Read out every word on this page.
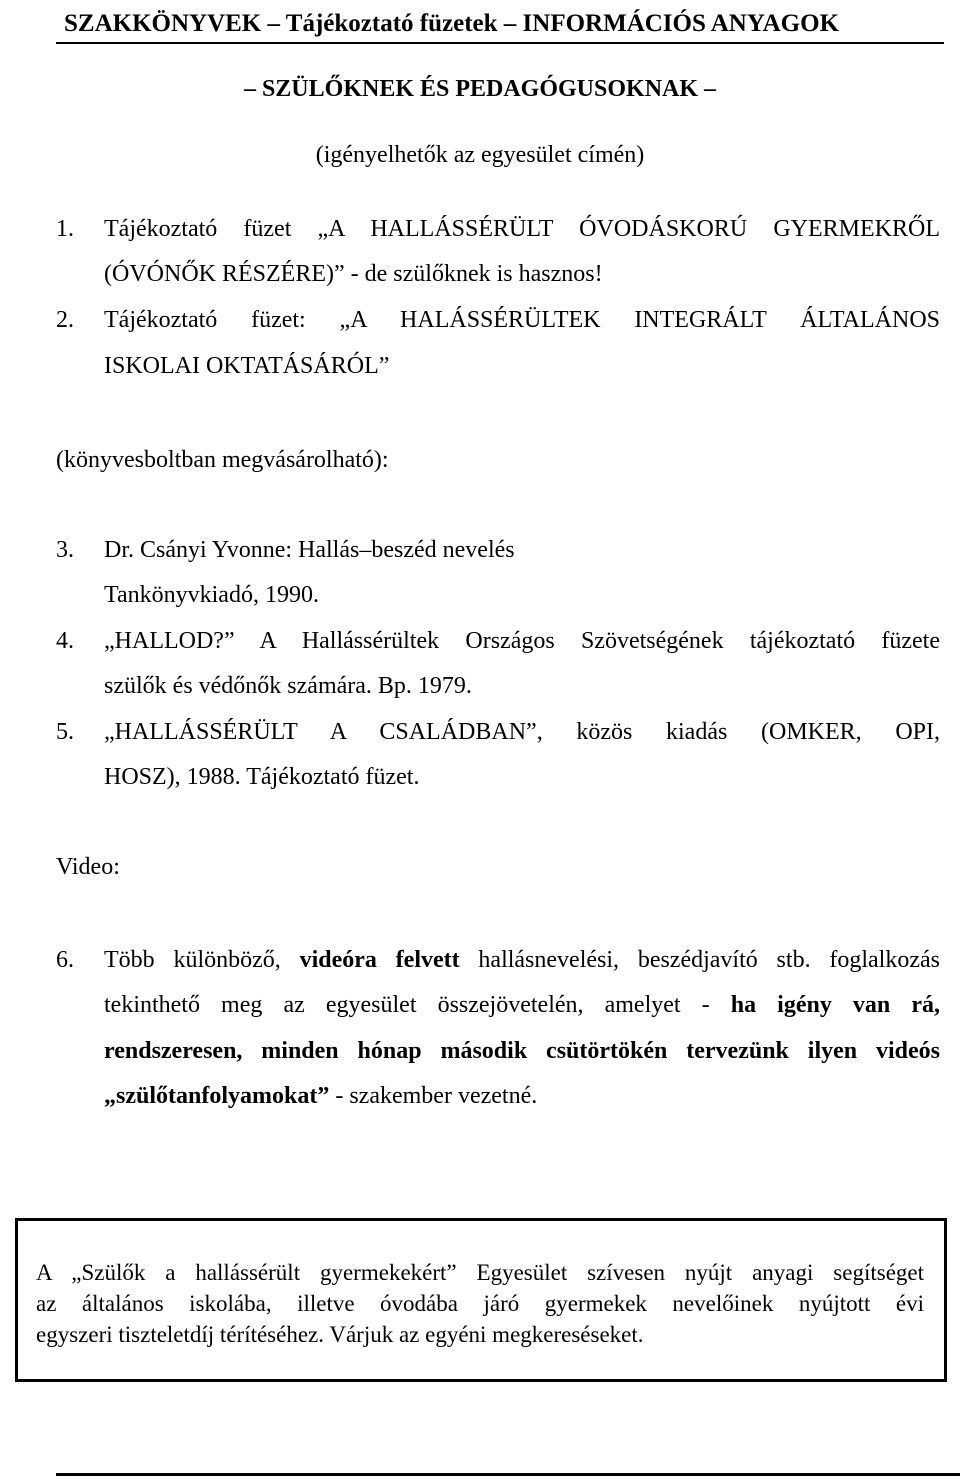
SZAKKÖNYVEK – Tájékoztató füzetek – INFORMÁCIÓS ANYAGOK
– SZÜLŐKNEK ÉS PEDAGÓGUSOKNAK –
(igényelhetők az egyesület címén)
1. Tájékoztató füzet „A HALLÁSSÉRÜLT ÓVODÁSKORÚ GYERMEKRŐL
(ÓVÓNŐK RÉSZÉRE)” - de szülőknek is hasznos!
2. Tájékoztató füzet: „A HALÁSSÉRÜLTEK INTEGRÁLT ÁLTALÁNOS
ISKOLAI OKTATÁSÁRÓL”
(könyvesboltban megvásárolható):
3. Dr. Csányi Yvonne: Hallás–beszéd nevelés
Tankönyvkiadó, 1990.
4. „HALLOD?” A Hallássérültek Országos Szövetségének tájékoztató füzete
szülők és védőnők számára. Bp. 1979.
5. „HALLÁSSÉRÜLT A CSALÁDBAN”, közös kiadás (OMKER, OPI,
HOSZ), 1988. Tájékoztató füzet.
Video:
6. Több különböző, videóra felvett hallásnevelési, beszédjavító stb. foglalkozás
tekinthető meg az egyesület összejövetelén, amelyet - ha igény van rá,
rendszeresen, minden hónap második csütörtökén tervezünk ilyen videós
„szülőtanfolyamokat” - szakember vezetné.
A „Szülők a hallássérült gyermekekért” Egyesület szívesen nyújt anyagi segítséget
az általános iskolába, illetve óvodába járó gyermekek nevelőinek nyújtott évi
egyszeri tiszteletdíj térítéséhez. Várjuk az egyéni megkereséseket.
